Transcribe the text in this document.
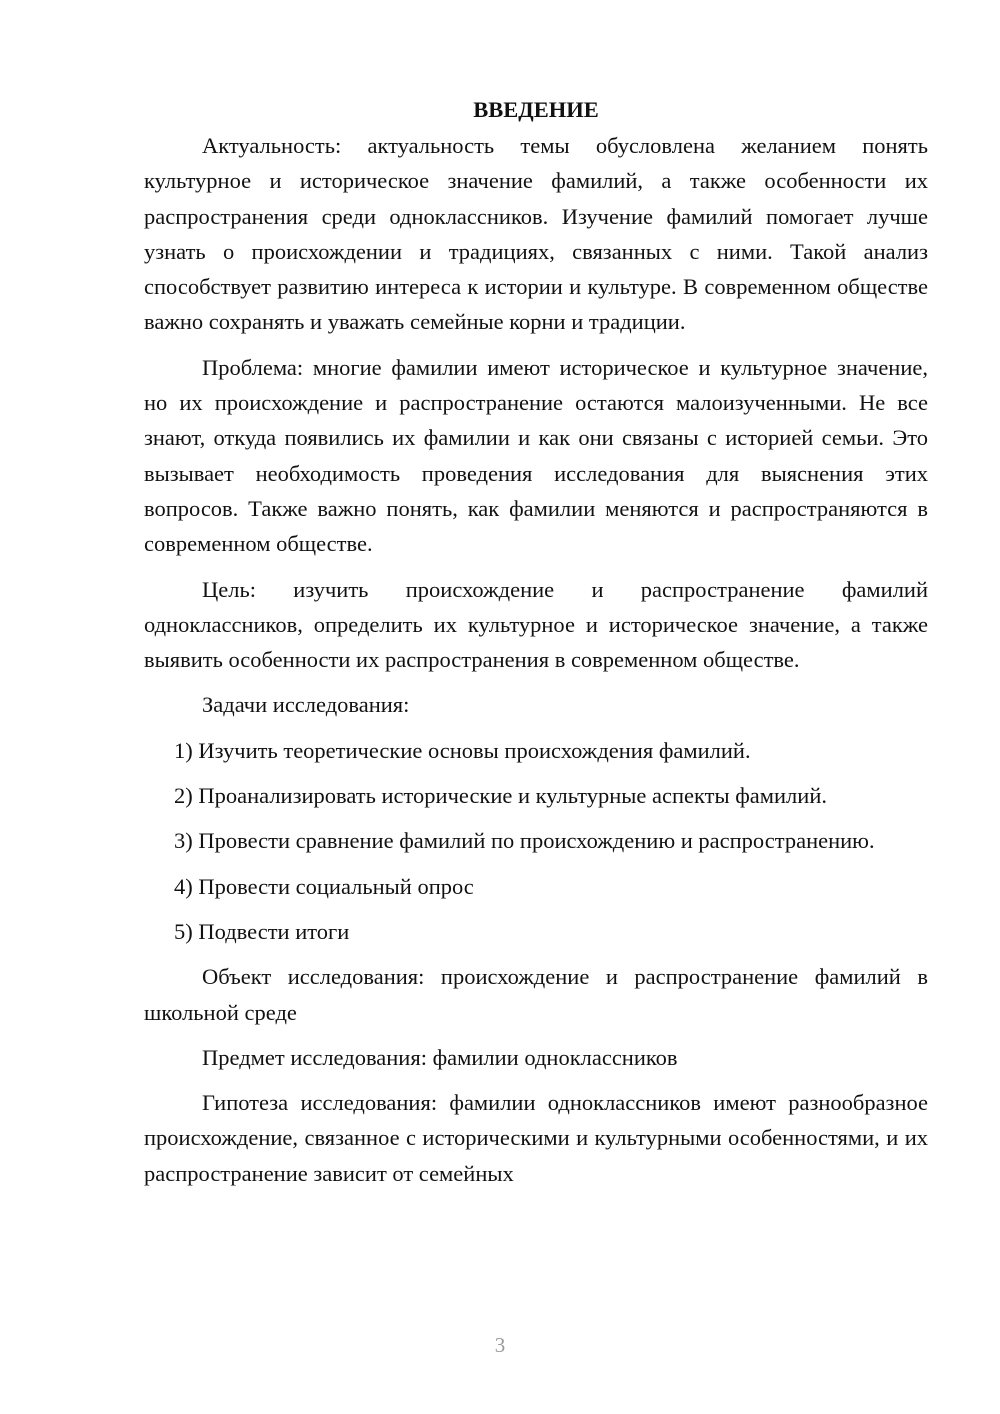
ВВЕДЕНИЕ

Актуальность: актуальность темы обусловлена желанием понять культурное и историческое значение фамилий, а также особенности их распространения среди одноклассников. Изучение фамилий помогает лучше узнать о происхождении и традициях, связанных с ними. Такой анализ способствует развитию интереса к истории и культуре. В современном обществе важно сохранять и уважать семейные корни и традиции.

Проблема: многие фамилии имеют историческое и культурное значение, но их происхождение и распространение остаются малоизученными. Не все знают, откуда появились их фамилии и как они связаны с историей семьи. Это вызывает необходимость проведения исследования для выяснения этих вопросов. Также важно понять, как фамилии меняются и распространяются в современном обществе.

Цель: изучить происхождение и распространение фамилий одноклассников, определить их культурное и историческое значение, а также выявить особенности их распространения в современном обществе.

Задачи исследования:

1) Изучить теоретические основы происхождения фамилий.

2) Проанализировать исторические и культурные аспекты фамилий.

3) Провести сравнение фамилий по происхождению и распространению.

4) Провести социальный опрос

5) Подвести итоги

Объект исследования: происхождение и распространение фамилий в школьной среде

Предмет исследования: фамилии одноклассников

Гипотеза исследования: фамилии одноклассников имеют разнообразное происхождение, связанное с историческими и культурными особенностями, и их распространение зависит от семейных

3
